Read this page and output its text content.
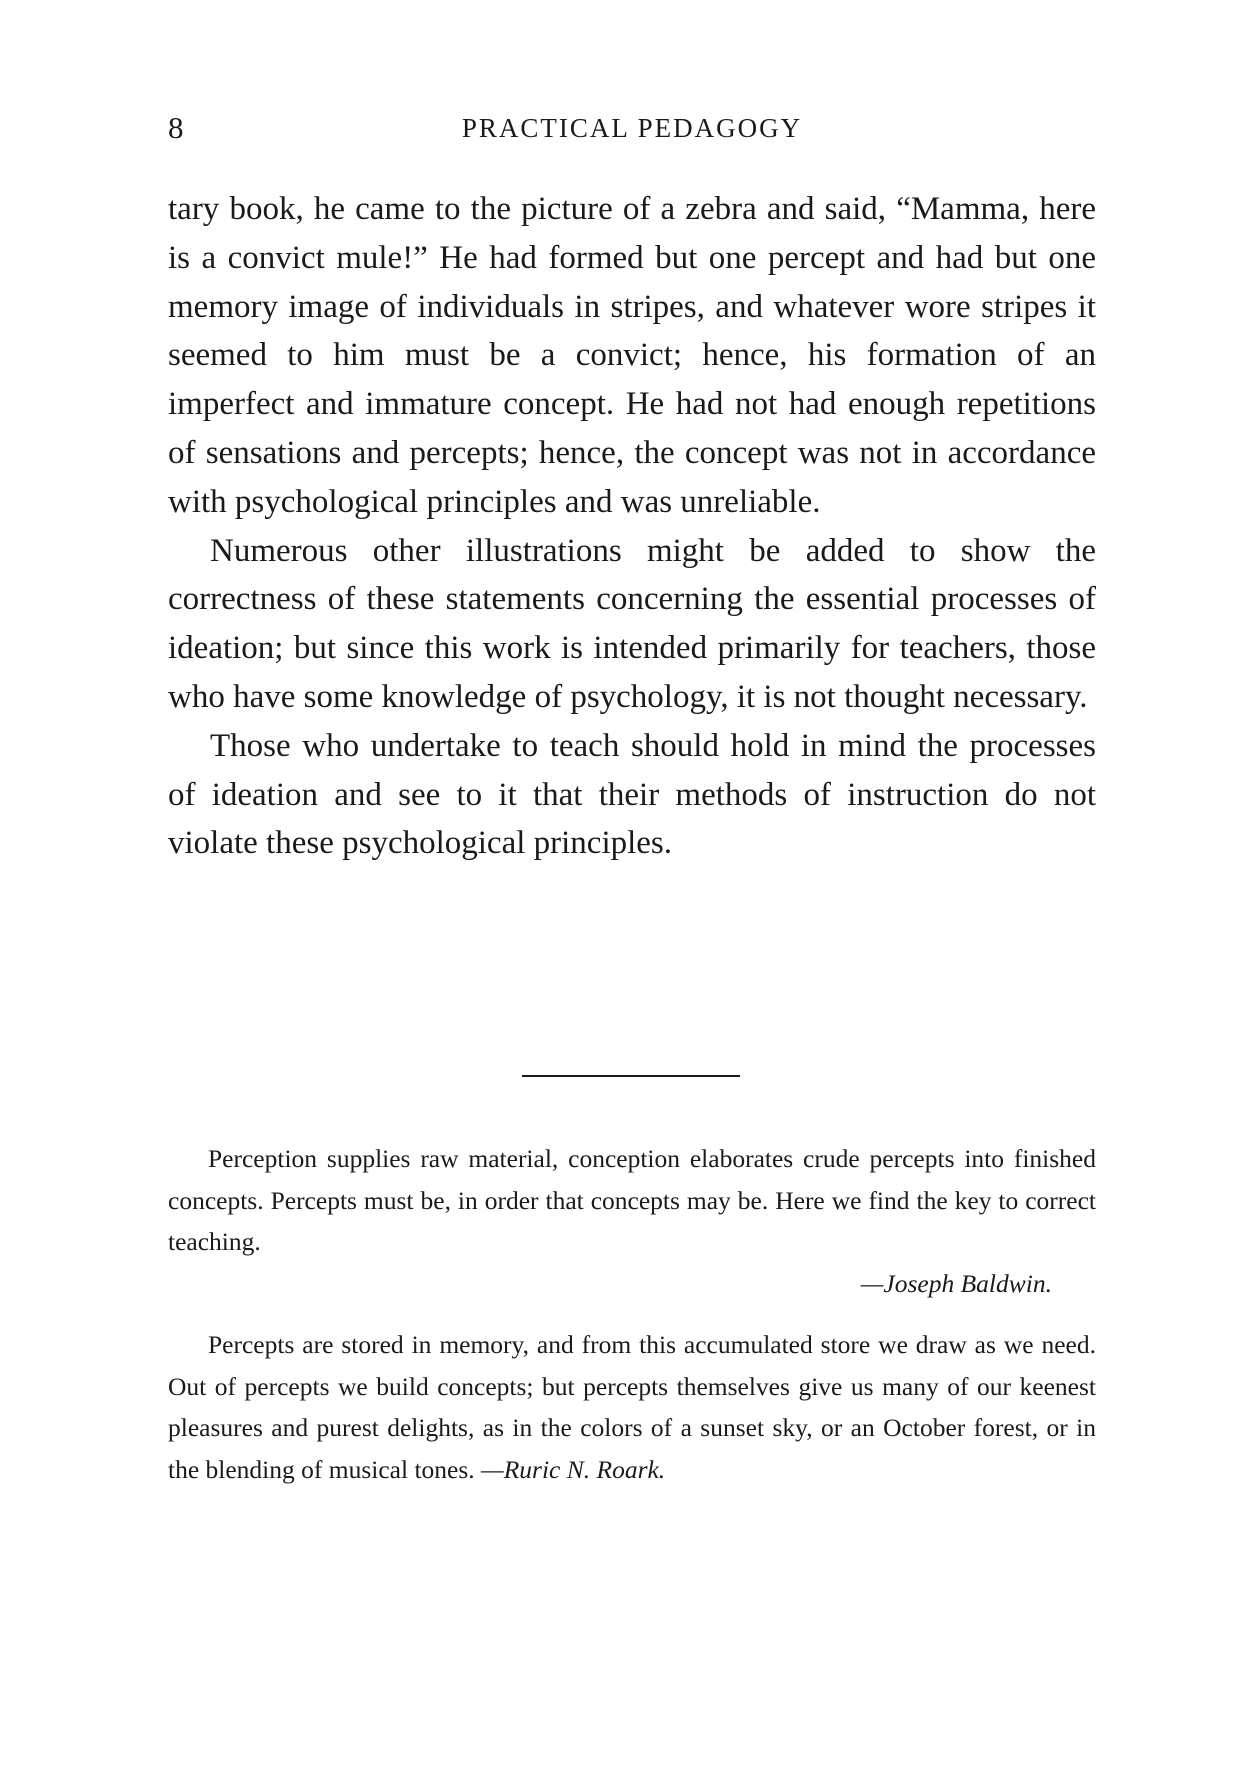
8	PRACTICAL PEDAGOGY

tary book, he came to the picture of a zebra and said, “Mamma, here is a convict mule!” He had formed but one percept and had but one memory image of individuals in stripes, and whatever wore stripes it seemed to him must be a convict; hence, his formation of an imperfect and immature concept. He had not had enough repetitions of sensations and percepts; hence, the concept was not in accordance with psychological principles and was unreliable.

Numerous other illustrations might be added to show the correctness of these statements concerning the essential processes of ideation; but since this work is intended primarily for teachers, those who have some knowledge of psychology, it is not thought necessary.

Those who undertake to teach should hold in mind the processes of ideation and see to it that their methods of instruction do not violate these psychological principles.

Perception supplies raw material, conception elaborates crude percepts into finished concepts. Percepts must be, in order that concepts may be. Here we find the key to correct teaching.

—Joseph Baldwin.

Percepts are stored in memory, and from this accumulated store we draw as we need. Out of percepts we build concepts; but percepts themselves give us many of our keenest pleasures and purest delights, as in the colors of a sunset sky, or an October forest, or in the blending of musical tones. —Ruric N. Roark.
